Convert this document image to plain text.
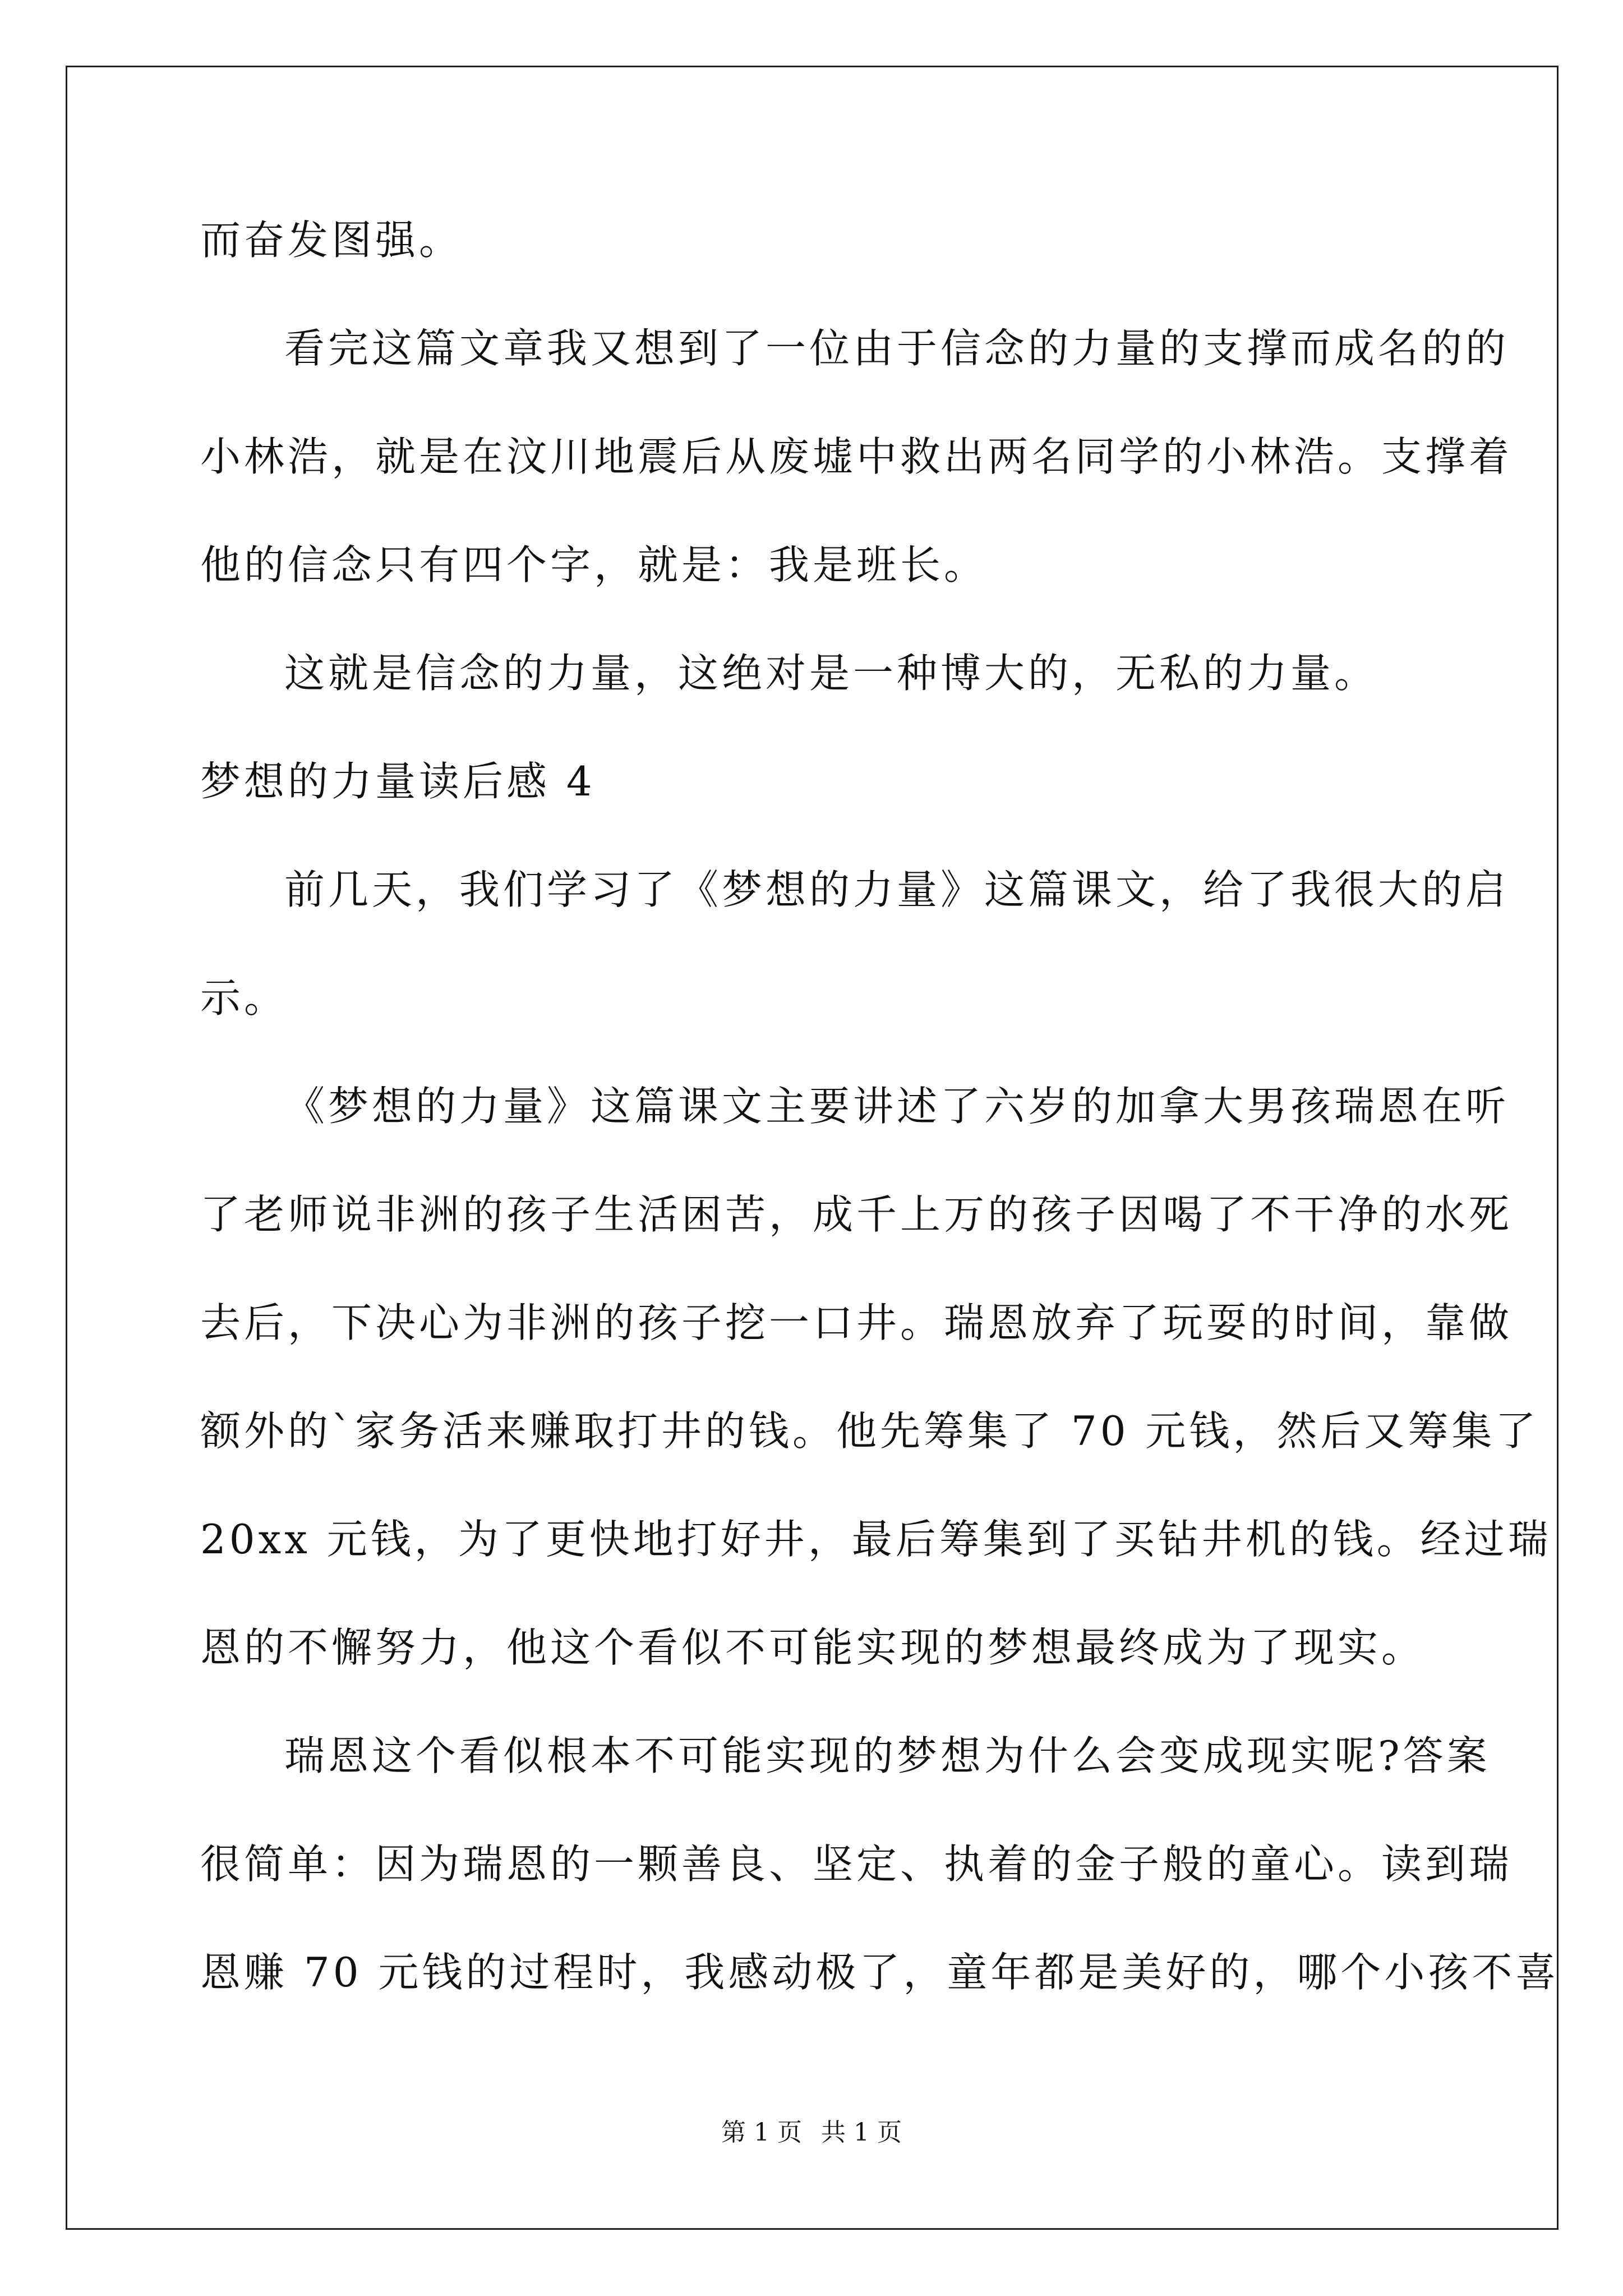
而奋发图强。
看完这篇文章我又想到了一位由于信念的力量的支撑而成名的的
小林浩，就是在汶川地震后从废墟中救出两名同学的小林浩。支撑着
他的信念只有四个字，就是：我是班长。
这就是信念的力量，这绝对是一种博大的，无私的力量。
梦想的力量读后感 4
前几天，我们学习了《梦想的力量》这篇课文，给了我很大的启
示。
《梦想的力量》这篇课文主要讲述了六岁的加拿大男孩瑞恩在听
了老师说非洲的孩子生活困苦，成千上万的孩子因喝了不干净的水死
去后，下决心为非洲的孩子挖一口井。瑞恩放弃了玩耍的时间，靠做
额外的`家务活来赚取打井的钱。他先筹集了 70 元钱，然后又筹集了
20xx 元钱，为了更快地打好井，最后筹集到了买钻井机的钱。经过瑞
恩的不懈努力，他这个看似不可能实现的梦想最终成为了现实。
瑞恩这个看似根本不可能实现的梦想为什么会变成现实呢?答案
很简单：因为瑞恩的一颗善良、坚定、执着的金子般的童心。读到瑞
恩赚 70 元钱的过程时，我感动极了，童年都是美好的，哪个小孩不喜
第 1 页 共 1 页
